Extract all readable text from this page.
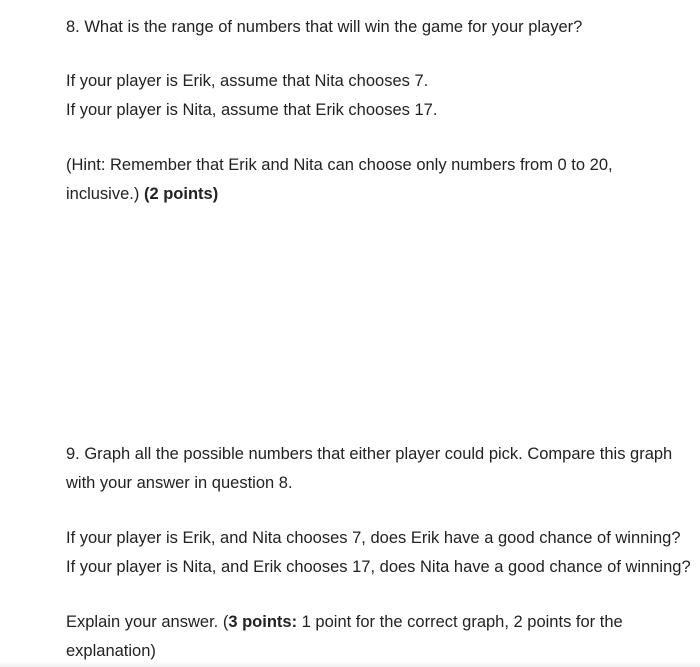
8. What is the range of numbers that will win the game for your player?

If your player is Erik, assume that Nita chooses 7.
If your player is Nita, assume that Erik chooses 17.

(Hint: Remember that Erik and Nita can choose only numbers from 0 to 20,
inclusive.) (2 points)

9. Graph all the possible numbers that either player could pick. Compare this graph
with your answer in question 8.

If your player is Erik, and Nita chooses 7, does Erik have a good chance of winning?
If your player is Nita, and Erik chooses 17, does Nita have a good chance of winning?

Explain your answer. (3 points: 1 point for the correct graph, 2 points for the
explanation)
